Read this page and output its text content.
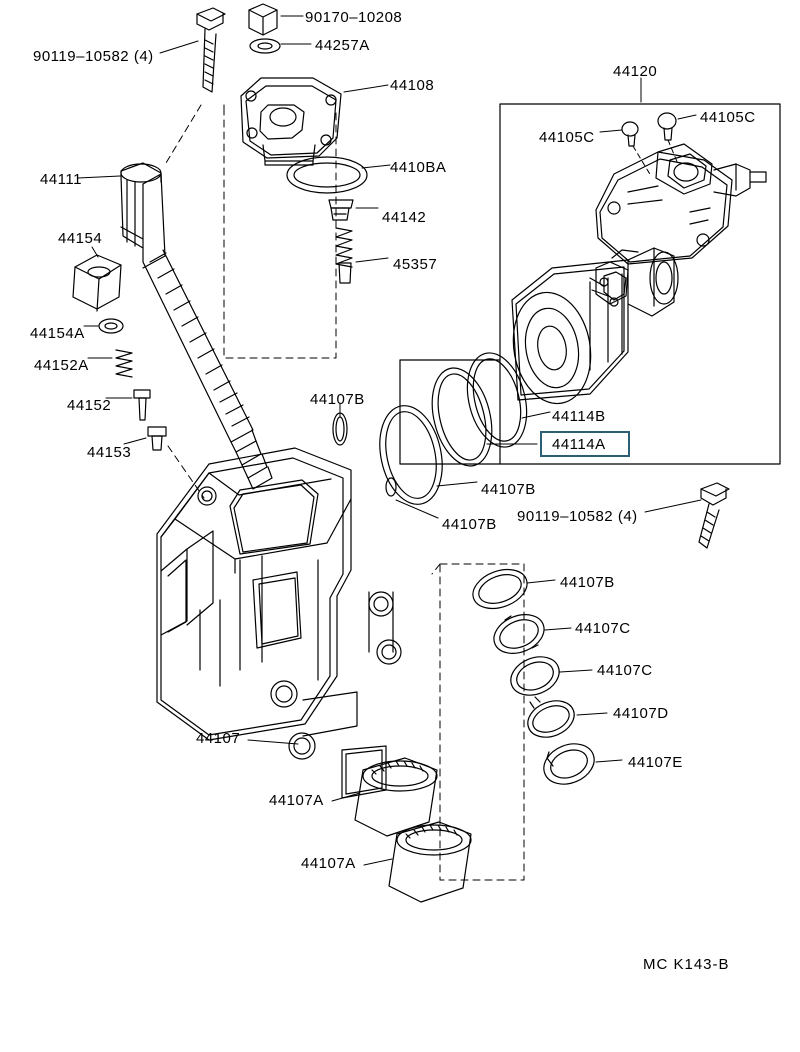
90170–10208
44257A
90119–10582 (4)
44108
44120
44105C
44105C
4410BA
44111
44142
44154
45357
44154A
44152A
44107B
44152
44114B
44153	44114A
44107B
90119–10582 (4)
44107B
44107B
44107C
44107C
44107D
44107E
44107
44107A
44107A
MC K143-B
